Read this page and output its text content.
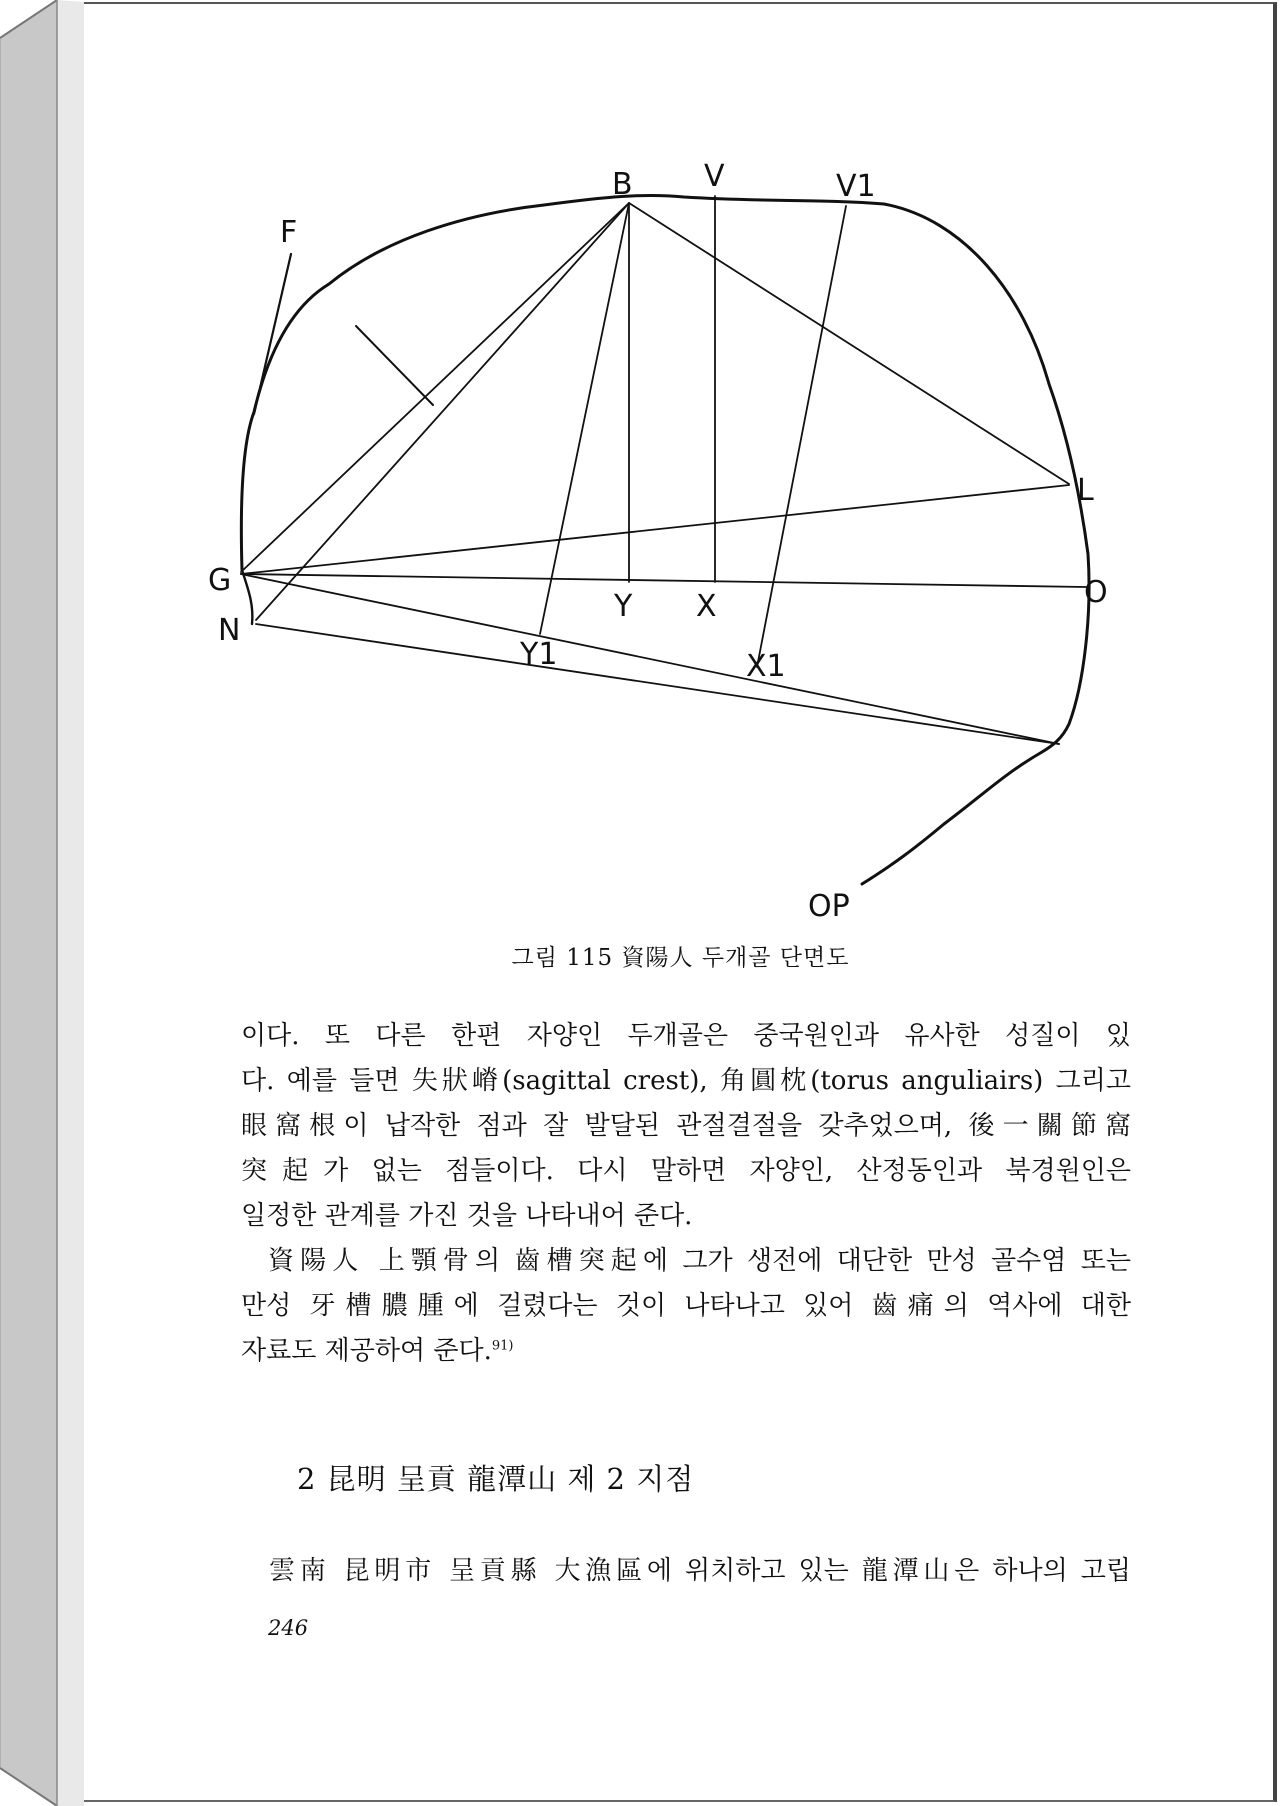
B V	V1
F
L
G
N
Y X	O
Y1	X1
OP
그림 115 資陽人 두개골 단면도
이다. 또 다른 한편 자양인 두개골은 중국원인과 유사한 성질이 있
다. 예를 들면 失狀嵴(sagittal crest), 角圓枕(torus anguliairs) 그리고
眼窩根이 납작한 점과 잘 발달된 관절결절을 갖추었으며, 後一關節窩
突起가 없는 점들이다. 다시 말하면 자양인, 산정동인과 북경원인은
일정한 관계를 가진 것을 나타내어 준다.
資陽人 上顎骨의 齒槽突起에 그가 생전에 대단한 만성 골수염 또는
만성 牙槽膿腫에 걸렸다는 것이 나타나고 있어 齒痛의 역사에 대한
자료도 제공하여 준다.$^{91)}$
2 昆明 呈貢 龍潭山 제 2 지점
雲南 昆明市 呈貢縣 大漁區에 위치하고 있는 龍潭山은 하나의 고립
246
